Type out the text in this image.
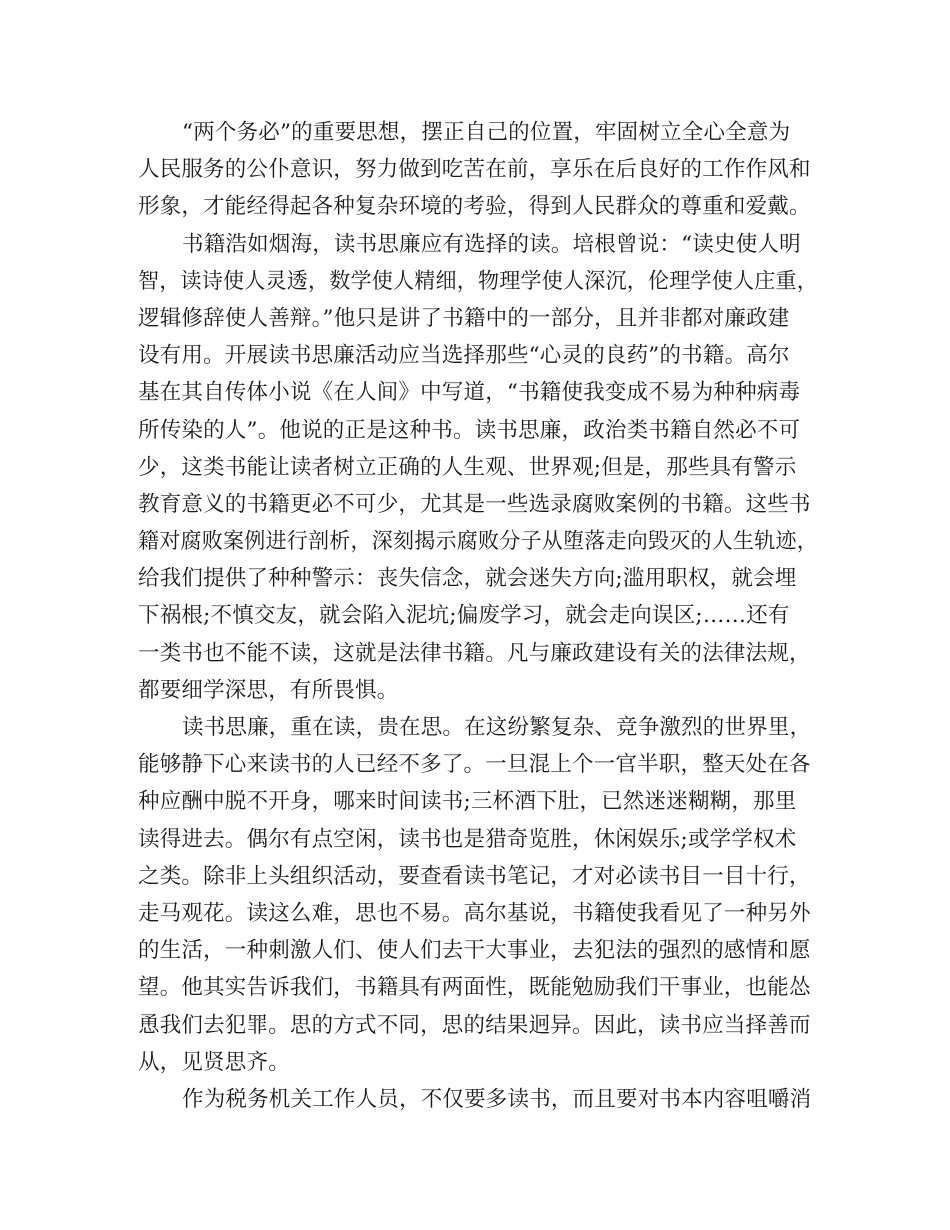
“两个务必”的重要思想，摆正自己的位置，牢固树立全心全意为
人民服务的公仆意识，努力做到吃苦在前，享乐在后良好的工作作风和
形象，才能经得起各种复杂环境的考验，得到人民群众的尊重和爱戴。
书籍浩如烟海，读书思廉应有选择的读。培根曾说：“读史使人明
智，读诗使人灵透，数学使人精细，物理学使人深沉，伦理学使人庄重，
逻辑修辞使人善辩。”他只是讲了书籍中的一部分，且并非都对廉政建
设有用。开展读书思廉活动应当选择那些“心灵的良药”的书籍。高尔
基在其自传体小说《在人间》中写道，“书籍使我变成不易为种种病毒
所传染的人”。他说的正是这种书。读书思廉，政治类书籍自然必不可
少，这类书能让读者树立正确的人生观、世界观;但是，那些具有警示
教育意义的书籍更必不可少，尤其是一些选录腐败案例的书籍。这些书
籍对腐败案例进行剖析，深刻揭示腐败分子从堕落走向毁灭的人生轨迹，
给我们提供了种种警示：丧失信念，就会迷失方向;滥用职权，就会埋
下祸根;不慎交友，就会陷入泥坑;偏废学习，就会走向误区;……还有
一类书也不能不读，这就是法律书籍。凡与廉政建设有关的法律法规，
都要细学深思，有所畏惧。
读书思廉，重在读，贵在思。在这纷繁复杂、竞争激烈的世界里，
能够静下心来读书的人已经不多了。一旦混上个一官半职，整天处在各
种应酬中脱不开身，哪来时间读书;三杯酒下肚，已然迷迷糊糊，那里
读得进去。偶尔有点空闲，读书也是猎奇览胜，休闲娱乐;或学学权术
之类。除非上头组织活动，要查看读书笔记，才对必读书目一目十行，
走马观花。读这么难，思也不易。高尔基说，书籍使我看见了一种另外
的生活，一种刺激人们、使人们去干大事业，去犯法的强烈的感情和愿
望。他其实告诉我们，书籍具有两面性，既能勉励我们干事业，也能怂
恿我们去犯罪。思的方式不同，思的结果迥异。因此，读书应当择善而
从，见贤思齐。
作为税务机关工作人员，不仅要多读书，而且要对书本内容咀嚼消
